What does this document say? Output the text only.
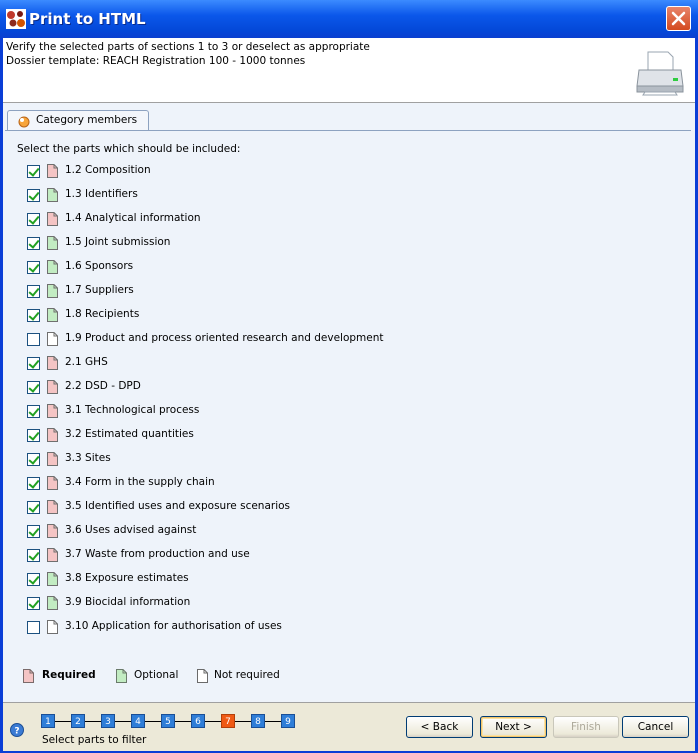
Print to HTML
Verify the selected parts of sections 1 to 3 or deselect as appropriate
Dossier template: REACH Registration 100 - 1000 tonnes
Category members
Select the parts which should be included:
1.2 Composition
1.3 Identifiers
1.4 Analytical information
1.5 Joint submission
1.6 Sponsors
1.7 Suppliers
1.8 Recipients
1.9 Product and process oriented research and development
2.1 GHS
2.2 DSD - DPD
3.1 Technological process
3.2 Estimated quantities
3.3 Sites
3.4 Form in the supply chain
3.5 Identified uses and exposure scenarios
3.6 Uses advised against
3.7 Waste from production and use
3.8 Exposure estimates
3.9 Biocidal information
3.10 Application for authorisation of uses
Required	Optional	Not required
?
1	2	3	4	5	6	7	8	9
Select parts to filter
< Back	Next >	Finish	Cancel
